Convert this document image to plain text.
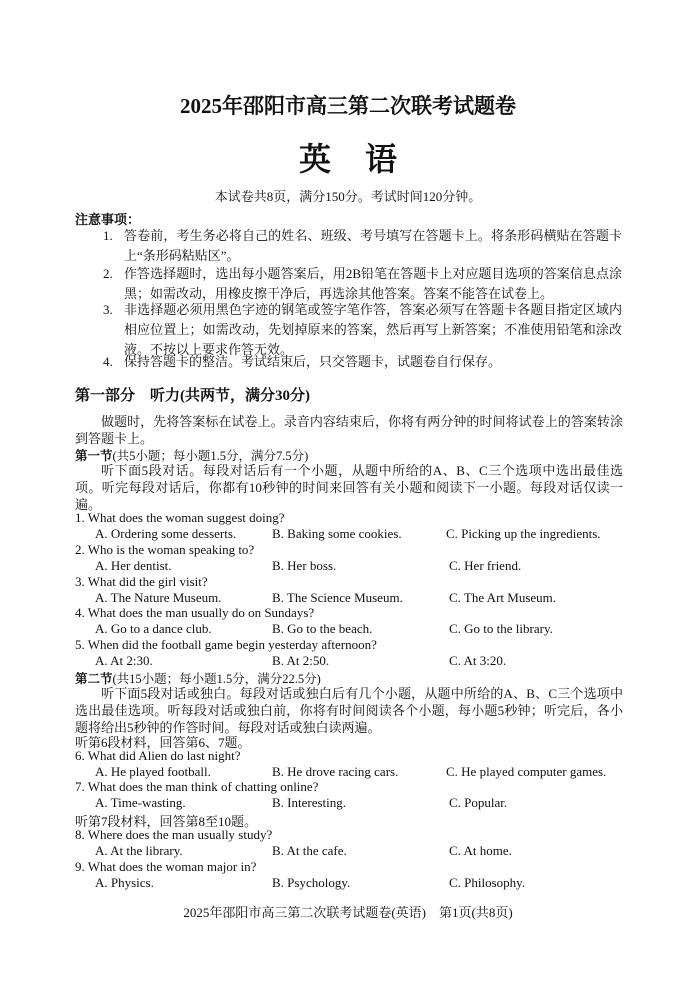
2025年邵阳市高三第二次联考试题卷
英语
本试卷共8页，满分150分。考试时间120分钟。
注意事项：
1. 答卷前，考生务必将自己的姓名、班级、考号填写在答题卡上。将条形码横贴在答题卡上“条形码粘贴区”。
2. 作答选择题时，选出每小题答案后，用2B铅笔在答题卡上对应题目选项的答案信息点涂黑；如需改动，用橡皮擦干净后，再选涂其他答案。答案不能答在试卷上。
3. 非选择题必须用黑色字迹的钢笔或签字笔作答，答案必须写在答题卡各题目指定区域内相应位置上；如需改动，先划掉原来的答案，然后再写上新答案；不准使用铅笔和涂改液。不按以上要求作答无效。
4. 保持答题卡的整洁。考试结束后，只交答题卡，试题卷自行保存。
第一部分　听力(共两节，满分30分)
做题时，先将答案标在试卷上。录音内容结束后，你将有两分钟的时间将试卷上的答案转涂到答题卡上。
第一节(共5小题；每小题1.5分，满分7.5分)
听下面5段对话。每段对话后有一个小题，从题中所给的A、B、C三个选项中选出最佳选项。听完每段对话后，你都有10秒钟的时间来回答有关小题和阅读下一小题。每段对话仅读一遍。
1. What does the woman suggest doing?
A. Ordering some desserts.	B. Baking some cookies.	C. Picking up the ingredients.
2. Who is the woman speaking to?
A. Her dentist.	B. Her boss.	C. Her friend.
3. What did the girl visit?
A. The Nature Museum.	B. The Science Museum.	C. The Art Museum.
4. What does the man usually do on Sundays?
A. Go to a dance club.	B. Go to the beach.	C. Go to the library.
5. When did the football game begin yesterday afternoon?
A. At 2:30.	B. At 2:50.	C. At 3:20.
第二节(共15小题；每小题1.5分，满分22.5分)
听下面5段对话或独白。每段对话或独白后有几个小题，从题中所给的A、B、C三个选项中选出最佳选项。听每段对话或独白前，你将有时间阅读各个小题，每小题5秒钟；听完后，各小题将给出5秒钟的作答时间。每段对话或独白读两遍。
听第6段材料，回答第6、7题。
6. What did Alien do last night?
A. He played football.	B. He drove racing cars.	C. He played computer games.
7. What does the man think of chatting online?
A. Time-wasting.	B. Interesting.	C. Popular.
听第7段材料，回答第8至10题。
8. Where does the man usually study?
A. At the library.	B. At the cafe.	C. At home.
9. What does the woman major in?
A. Physics.	B. Psychology.	C. Philosophy.
2025年邵阳市高三第二次联考试题卷(英语)　第1页(共8页)
